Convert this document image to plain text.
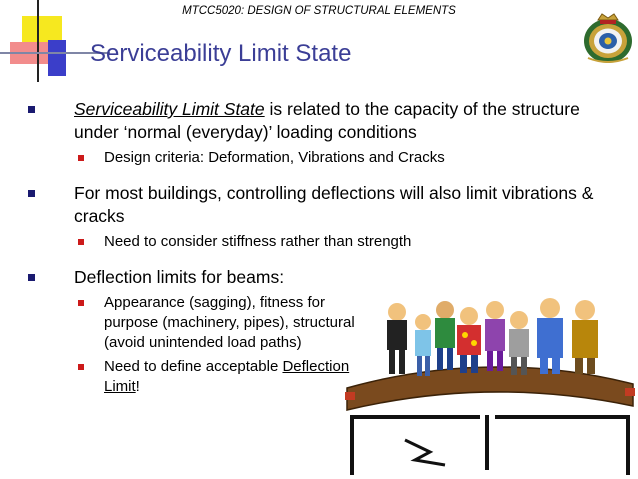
MTCC5020: DESIGN OF STRUCTURAL ELEMENTS
Serviceability Limit State
Serviceability Limit State is related to the capacity of the structure under ‘normal (everyday)’ loading conditions
Design criteria: Deformation, Vibrations and Cracks
For most buildings, controlling deflections will also limit vibrations & cracks
Need to consider stiffness rather than strength
Deflection limits for beams:
Appearance (sagging), fitness for purpose (machinery, pipes), structural (avoid unintended load paths)
Need to define acceptable Deflection Limit!
